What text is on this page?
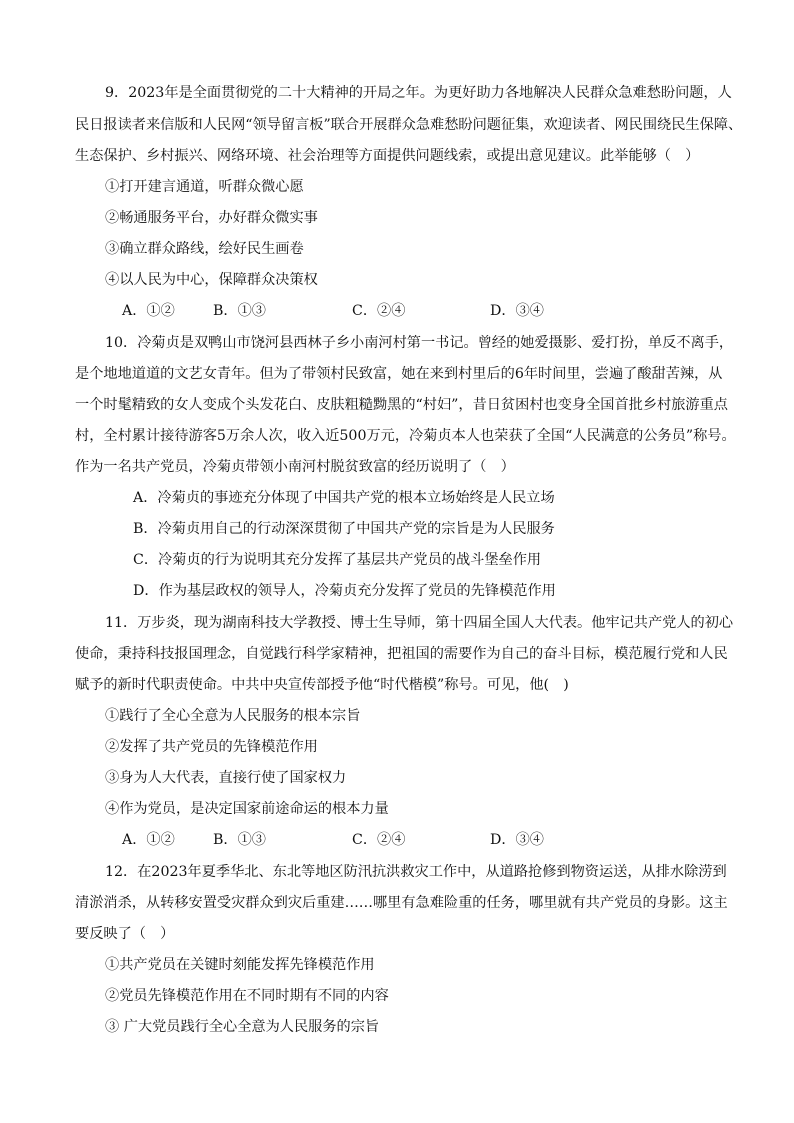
9．2023年是全面贯彻党的二十大精神的开局之年。为更好助力各地解决人民群众急难愁盼问题，人
民日报读者来信版和人民网“领导留言板”联合开展群众急难愁盼问题征集，欢迎读者、网民围绕民生保障、
生态保护、乡村振兴、网络环境、社会治理等方面提供问题线索，或提出意见建议。此举能够（　）
①打开建言通道，听群众微心愿
②畅通服务平台，办好群众微实事
③确立群众路线，绘好民生画卷
④以人民为中心，保障群众决策权
A．①②	B．①③	C．②④	D．③④
10．冷菊贞是双鸭山市饶河县西林子乡小南河村第一书记。曾经的她爱摄影、爱打扮，单反不离手，
是个地地道道的文艺女青年。但为了带领村民致富，她在来到村里后的6年时间里，尝遍了酸甜苦辣，从
一个时髦精致的女人变成个头发花白、皮肤粗糙黝黑的“村妇”，昔日贫困村也变身全国首批乡村旅游重点
村，全村累计接待游客5万余人次，收入近500万元，冷菊贞本人也荣获了全国“人民满意的公务员”称号。
作为一名共产党员，冷菊贞带领小南河村脱贫致富的经历说明了（　）
A．冷菊贞的事迹充分体现了中国共产党的根本立场始终是人民立场
B．冷菊贞用自己的行动深深贯彻了中国共产党的宗旨是为人民服务
C．冷菊贞的行为说明其充分发挥了基层共产党员的战斗堡垒作用
D．作为基层政权的领导人，冷菊贞充分发挥了党员的先锋模范作用
11．万步炎，现为湖南科技大学教授、博士生导师，第十四届全国人大代表。他牢记共产党人的初心
使命，秉持科技报国理念，自觉践行科学家精神，把祖国的需要作为自己的奋斗目标，模范履行党和人民
赋予的新时代职责使命。中共中央宣传部授予他“时代楷模”称号。可见，他(　)
①践行了全心全意为人民服务的根本宗旨
②发挥了共产党员的先锋模范作用
③身为人大代表，直接行使了国家权力
④作为党员，是决定国家前途命运的根本力量
A．①②	B．①③	C．②④	D．③④
12．在2023年夏季华北、东北等地区防汛抗洪救灾工作中，从道路抢修到物资运送，从排水除涝到
清淤消杀，从转移安置受灾群众到灾后重建……哪里有急难险重的任务，哪里就有共产党员的身影。这主
要反映了（　）
①共产党员在关键时刻能发挥先锋模范作用
②党员先锋模范作用在不同时期有不同的内容
③ 广大党员践行全心全意为人民服务的宗旨
